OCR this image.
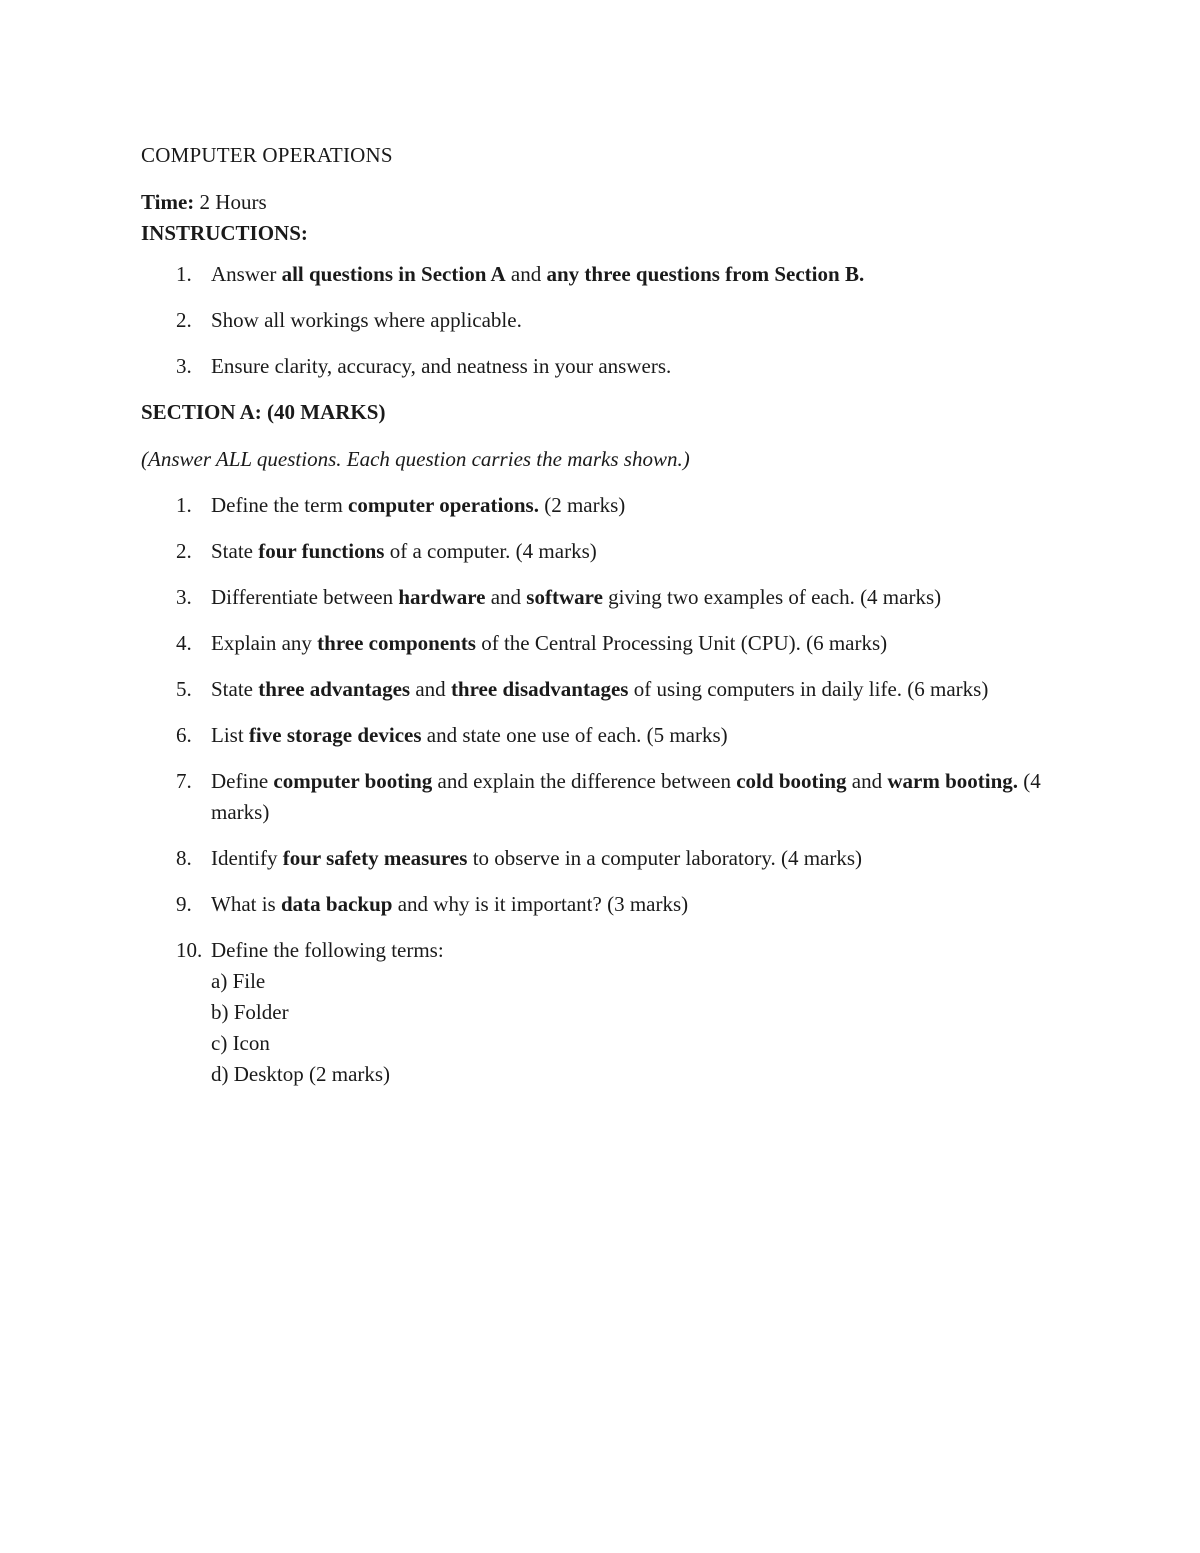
COMPUTER OPERATIONS
Time: 2 Hours
INSTRUCTIONS:
1. Answer all questions in Section A and any three questions from Section B.
2. Show all workings where applicable.
3. Ensure clarity, accuracy, and neatness in your answers.
SECTION A: (40 MARKS)
(Answer ALL questions. Each question carries the marks shown.)
1. Define the term computer operations. (2 marks)
2. State four functions of a computer. (4 marks)
3. Differentiate between hardware and software giving two examples of each. (4 marks)
4. Explain any three components of the Central Processing Unit (CPU). (6 marks)
5. State three advantages and three disadvantages of using computers in daily life. (6 marks)
6. List five storage devices and state one use of each. (5 marks)
7. Define computer booting and explain the difference between cold booting and warm booting. (4 marks)
8. Identify four safety measures to observe in a computer laboratory. (4 marks)
9. What is data backup and why is it important? (3 marks)
10. Define the following terms:
a) File
b) Folder
c) Icon
d) Desktop (2 marks)
